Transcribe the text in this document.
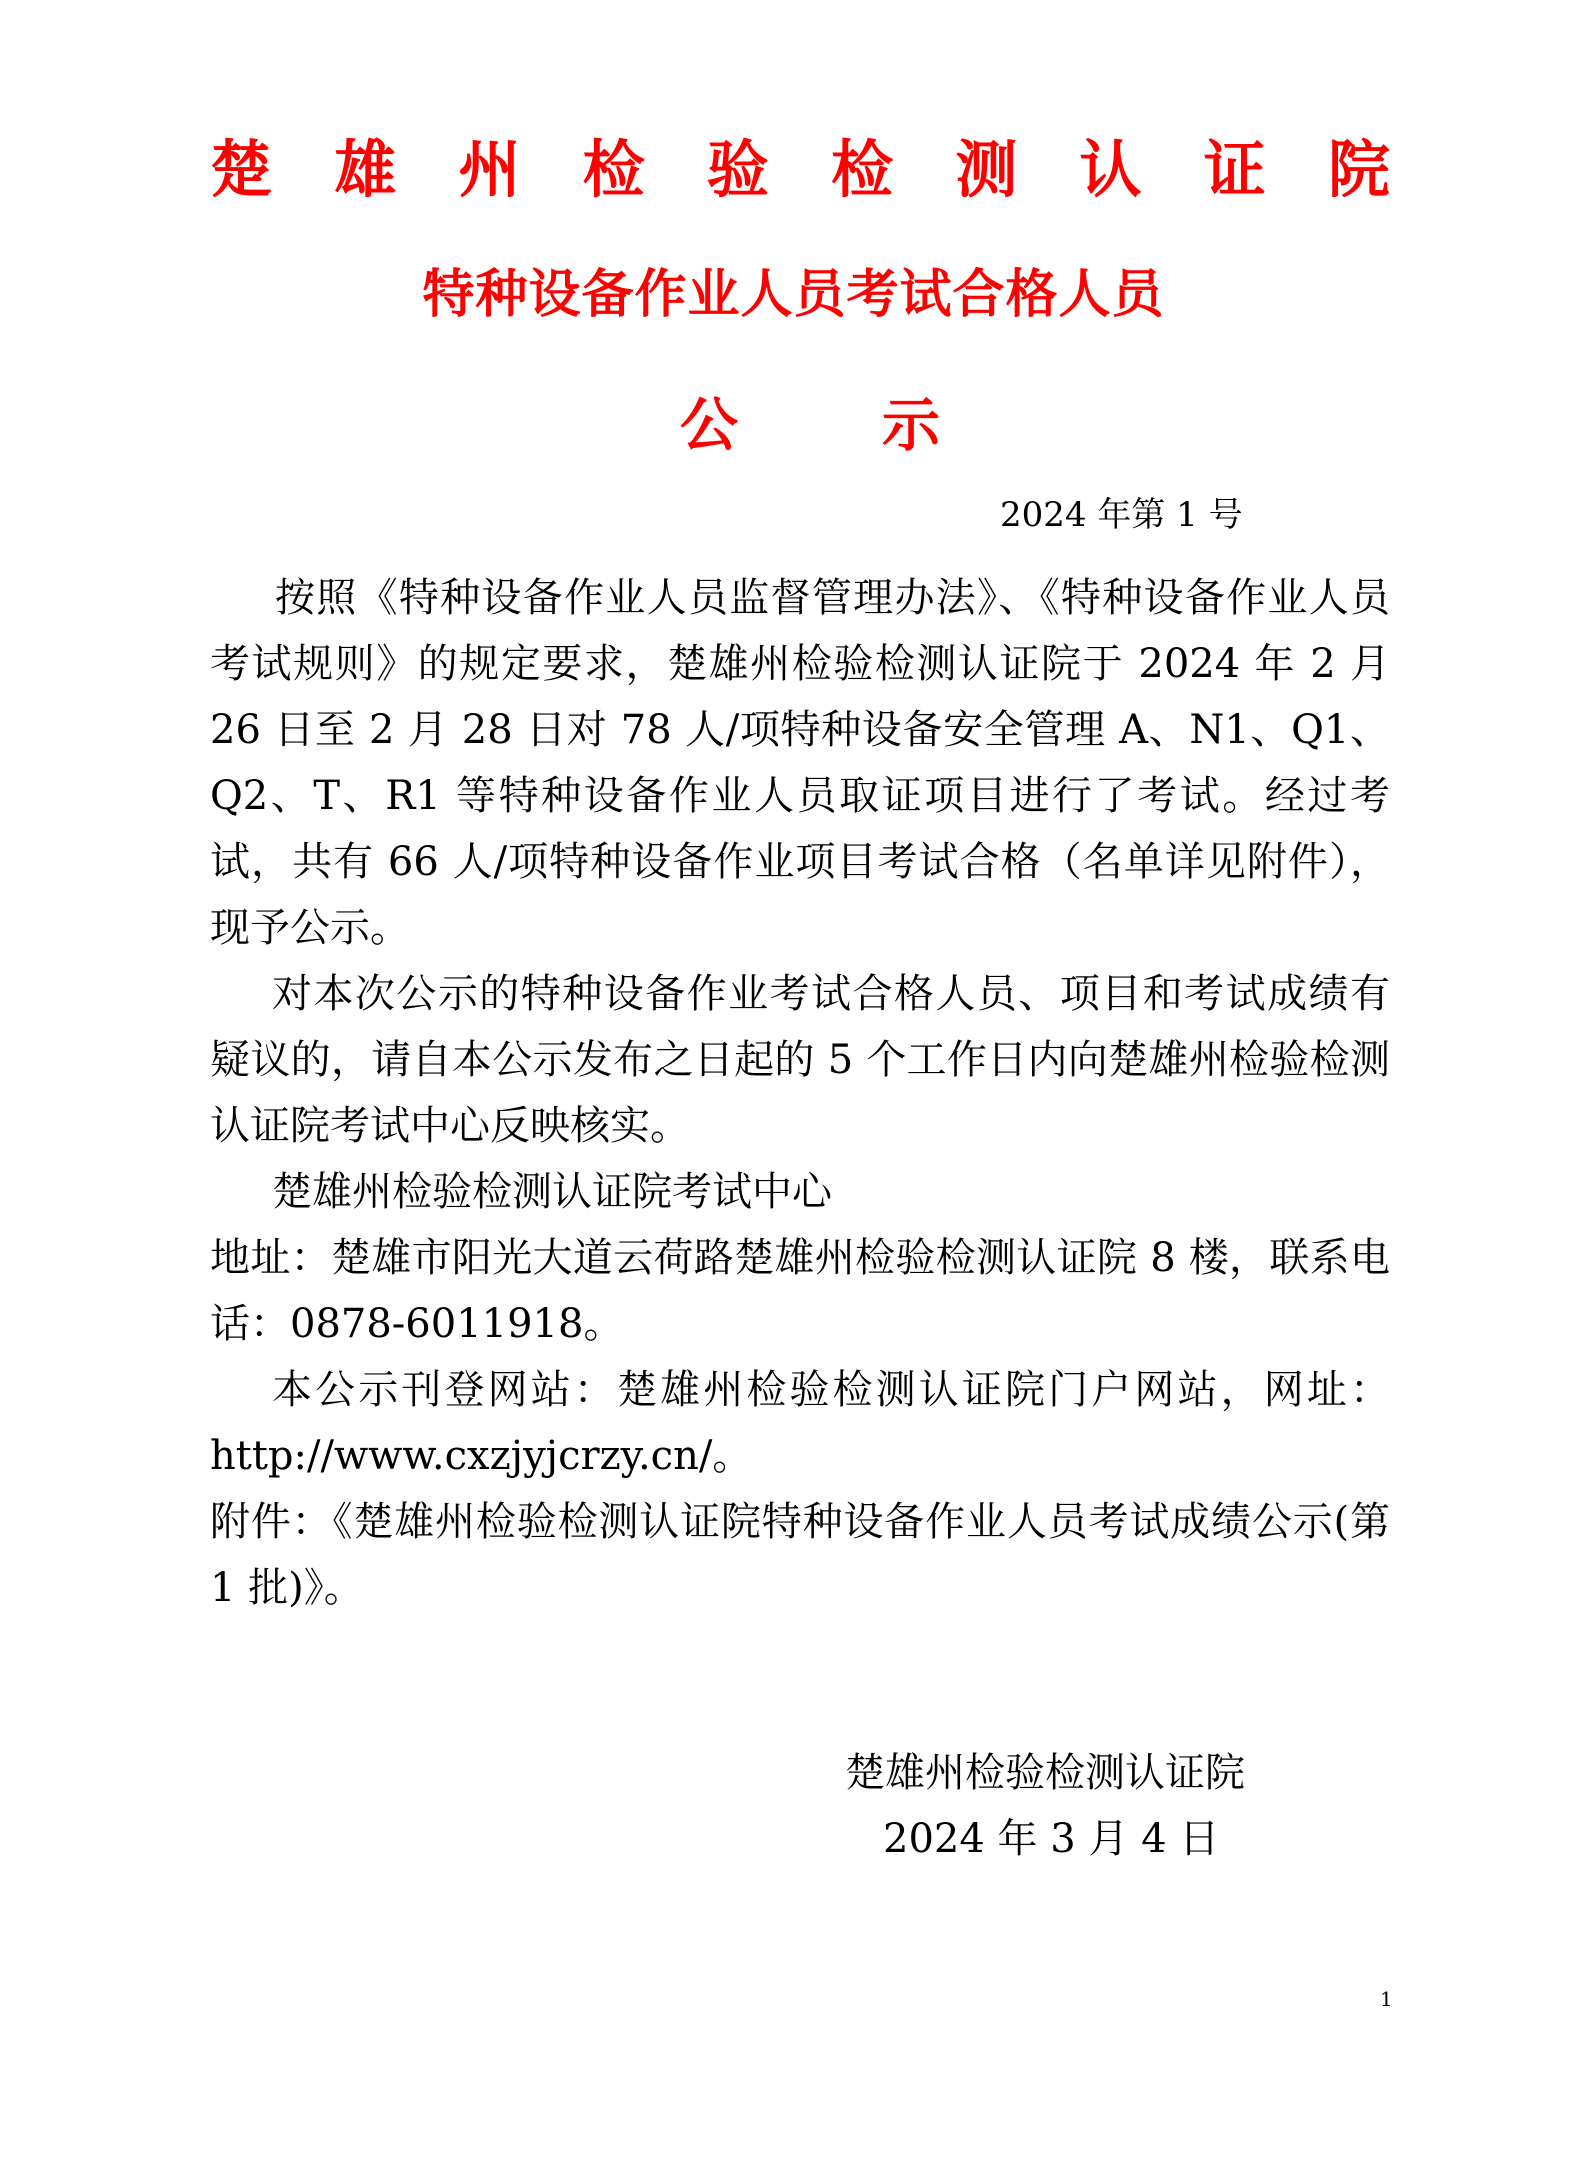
楚 雄 州 检 验 检 测 认 证 院
特种设备作业人员考试合格人员
公 示
2024 年第 1 号

按照《特种设备作业人员监督管理办法》、《特种设备作业人员考试规则》的规定要求，楚雄州检验检测认证院于 2024 年 2 月 26 日至 2 月 28 日对 78 人/项特种设备安全管理 A、N1、Q1、Q2、T、R1 等特种设备作业人员取证项目进行了考试。经过考试，共有 66 人/项特种设备作业项目考试合格（名单详见附件），现予公示。

对本次公示的特种设备作业考试合格人员、项目和考试成绩有疑议的，请自本公示发布之日起的 5 个工作日内向楚雄州检验检测认证院考试中心反映核实。

楚雄州检验检测认证院考试中心

地址：楚雄市阳光大道云荷路楚雄州检验检测认证院 8 楼，联系电话：0878-6011918。

本公示刊登网站：楚雄州检验检测认证院门户网站，网址：http://www.cxzjyjcrzy.cn/。

附件：《楚雄州检验检测认证院特种设备作业人员考试成绩公示(第 1 批)》。

楚雄州检验检测认证院
2024 年 3 月 4 日
1
